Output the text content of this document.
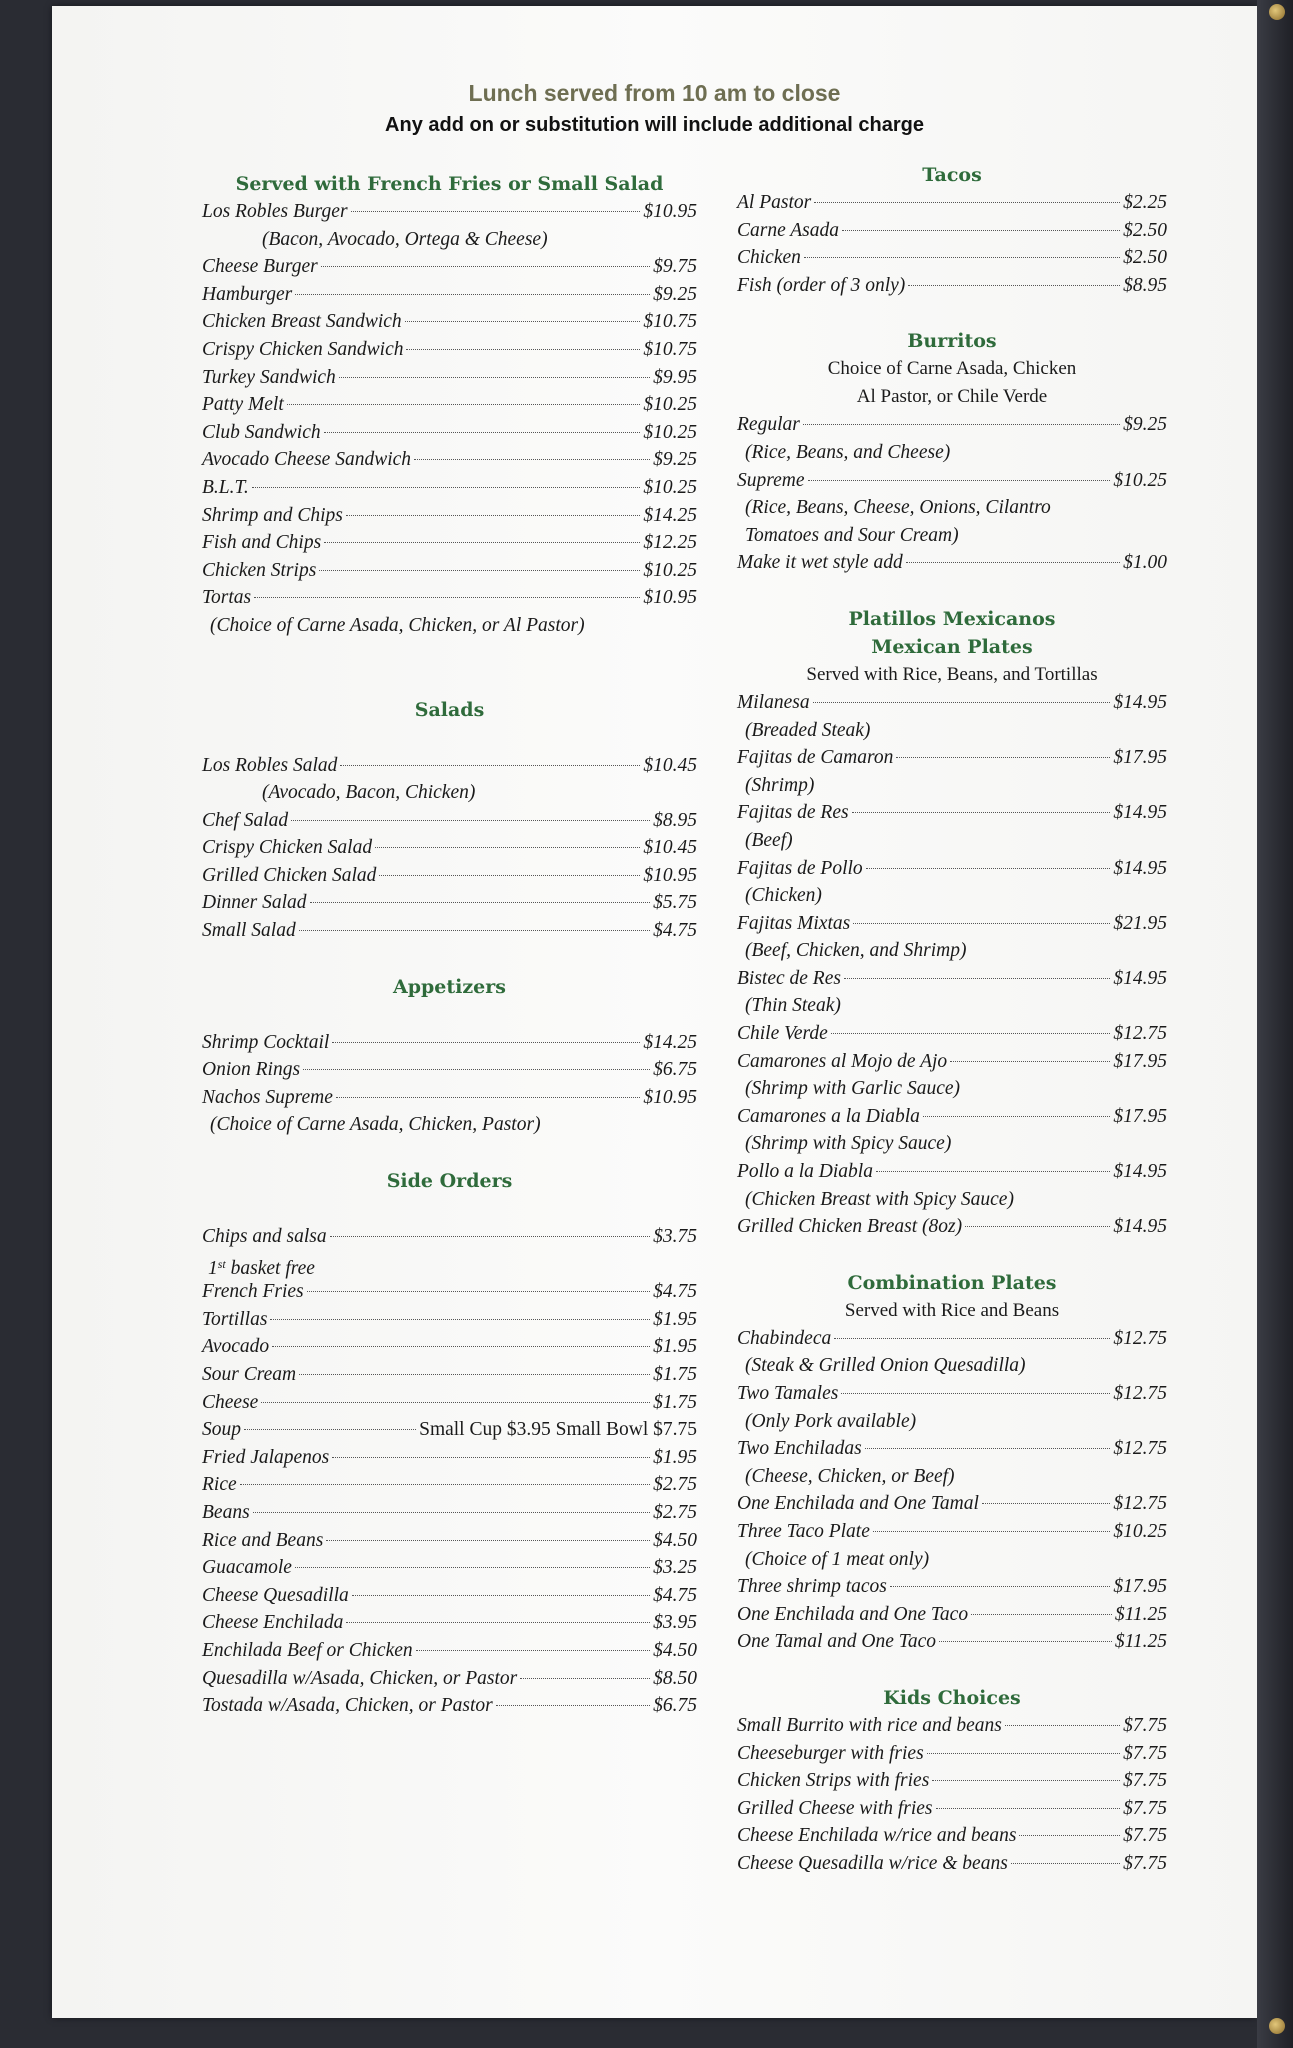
Lunch served from 10 am to close
Any add on or substitution will include additional charge
Served with French Fries or Small Salad
Los Robles Burger	$10.95
(Bacon, Avocado, Ortega & Cheese)
Cheese Burger	$9.75
Hamburger	$9.25
Chicken Breast Sandwich	$10.75
Crispy Chicken Sandwich	$10.75
Turkey Sandwich	$9.95
Patty Melt	$10.25
Club Sandwich	$10.25
Avocado Cheese Sandwich	$9.25
B.L.T.	$10.25
Shrimp and Chips	$14.25
Fish and Chips	$12.25
Chicken Strips	$10.25
Tortas	$10.95
(Choice of Carne Asada, Chicken, or Al Pastor)
Salads
Los Robles Salad	$10.45
(Avocado, Bacon, Chicken)
Chef Salad	$8.95
Crispy Chicken Salad	$10.45
Grilled Chicken Salad	$10.95
Dinner Salad	$5.75
Small Salad	$4.75
Appetizers
Shrimp Cocktail	$14.25
Onion Rings	$6.75
Nachos Supreme	$10.95
(Choice of Carne Asada, Chicken, Pastor)
Side Orders
Chips and salsa	$3.75
1st basket free
French Fries	$4.75
Tortillas	$1.95
Avocado	$1.95
Sour Cream	$1.75
Cheese	$1.75
Soup	Small Cup $3.95 Small Bowl $7.75
Fried Jalapenos	$1.95
Rice	$2.75
Beans	$2.75
Rice and Beans	$4.50
Guacamole	$3.25
Cheese Quesadilla	$4.75
Cheese Enchilada	$3.95
Enchilada Beef or Chicken	$4.50
Quesadilla w/Asada, Chicken, or Pastor	$8.50
Tostada w/Asada, Chicken, or Pastor	$6.75
Tacos
Al Pastor	$2.25
Carne Asada	$2.50
Chicken	$2.50
Fish (order of 3 only)	$8.95
Burritos
Choice of Carne Asada, Chicken
Al Pastor, or Chile Verde
Regular	$9.25
(Rice, Beans, and Cheese)
Supreme	$10.25
(Rice, Beans, Cheese, Onions, Cilantro
Tomatoes and Sour Cream)
Make it wet style add	$1.00
Platillos Mexicanos
Mexican Plates
Served with Rice, Beans, and Tortillas
Milanesa	$14.95
(Breaded Steak)
Fajitas de Camaron	$17.95
(Shrimp)
Fajitas de Res	$14.95
(Beef)
Fajitas de Pollo	$14.95
(Chicken)
Fajitas Mixtas	$21.95
(Beef, Chicken, and Shrimp)
Bistec de Res	$14.95
(Thin Steak)
Chile Verde	$12.75
Camarones al Mojo de Ajo	$17.95
(Shrimp with Garlic Sauce)
Camarones a la Diabla	$17.95
(Shrimp with Spicy Sauce)
Pollo a la Diabla	$14.95
(Chicken Breast with Spicy Sauce)
Grilled Chicken Breast (8oz)	$14.95
Combination Plates
Served with Rice and Beans
Chabindeca	$12.75
(Steak & Grilled Onion Quesadilla)
Two Tamales	$12.75
(Only Pork available)
Two Enchiladas	$12.75
(Cheese, Chicken, or Beef)
One Enchilada and One Tamal	$12.75
Three Taco Plate	$10.25
(Choice of 1 meat only)
Three shrimp tacos	$17.95
One Enchilada and One Taco	$11.25
One Tamal and One Taco	$11.25
Kids Choices
Small Burrito with rice and beans	$7.75
Cheeseburger with fries	$7.75
Chicken Strips with fries	$7.75
Grilled Cheese with fries	$7.75
Cheese Enchilada w/rice and beans	$7.75
Cheese Quesadilla w/rice & beans	$7.75
